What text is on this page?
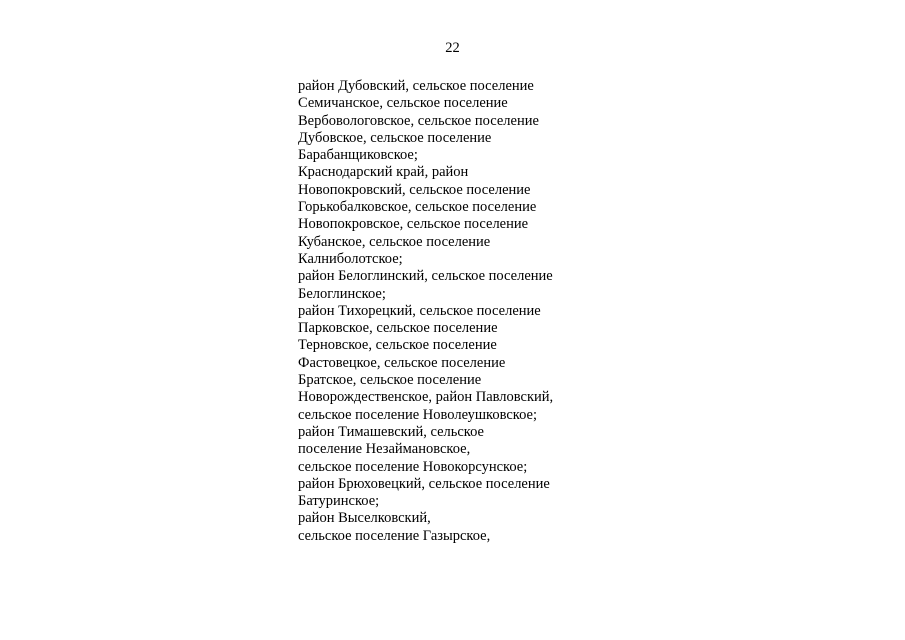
22
район Дубовский, сельское поселение
Семичанское, сельское поселение
Вербовологовское, сельское поселение
Дубовское, сельское поселение
Барабанщиковское;
Краснодарский край, район
Новопокровский, сельское поселение
Горькобалковское, сельское поселение
Новопокровское, сельское поселение
Кубанское, сельское поселение
Калниболотское;
район Белоглинский, сельское поселение
Белоглинское;
район Тихорецкий, сельское поселение
Парковское, сельское поселение
Терновское, сельское поселение
Фастовецкое, сельское поселение
Братское, сельское поселение
Новорождественское, район Павловский,
сельское поселение Новолеушковское;
район Тимашевский, сельское
поселение Незаймановское,
сельское поселение Новокорсунское;
район Брюховецкий, сельское поселение
Батуринское;
район Выселковский,
сельское поселение Газырское,
